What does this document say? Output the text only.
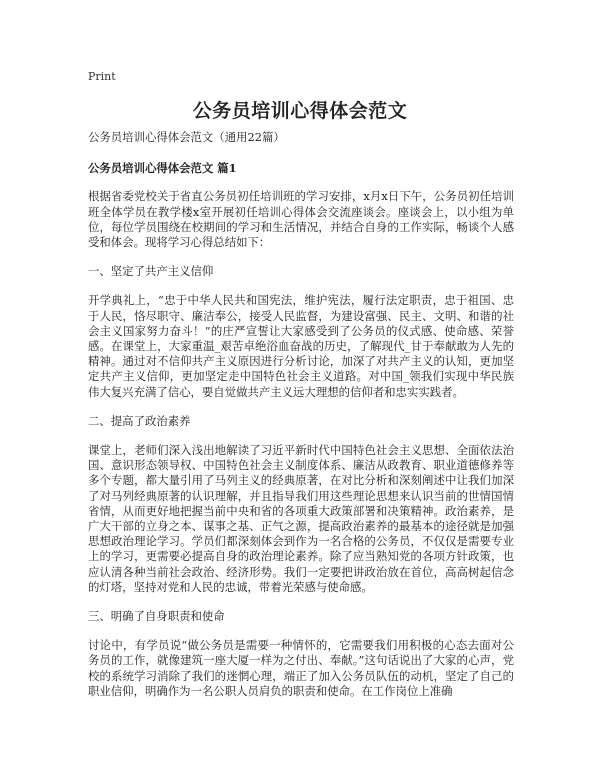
Print
公务员培训心得体会范文
公务员培训心得体会范文（通用22篇）
公务员培训心得体会范文 篇1

根据省委党校关于省直公务员初任培训班的学习安排，x月x日下午，公务员初任培训班全体学员在教学楼x室开展初任培训心得体会交流座谈会。座谈会上，以小组为单位，每位学员围绕在校期间的学习和生活情况，并结合自身的工作实际，畅谈个人感受和体会。现将学习心得总结如下：

一、坚定了共产主义信仰

开学典礼上，“忠于中华人民共和国宪法，维护宪法，履行法定职责，忠于祖国、忠于人民，恪尽职守、廉洁奉公，接受人民监督，为建设富强、民主、文明、和谐的社会主义国家努力奋斗！”的庄严宣誓让大家感受到了公务员的仪式感、使命感、荣誉感。在课堂上，大家重温_艰苦卓绝浴血奋战的历史，了解现代_甘于奉献敢为人先的精神。通过对不信仰共产主义原因进行分析讨论，加深了对共产主义的认知，更加坚定共产主义信仰，更加坚定走中国特色社会主义道路。对中国_领我们实现中华民族伟大复兴充满了信心，要自觉做共产主义远大理想的信仰者和忠实实践者。

二、提高了政治素养

课堂上，老师们深入浅出地解读了习近平新时代中国特色社会主义思想、全面依法治国、意识形态领导权、中国特色社会主义制度体系、廉洁从政教育、职业道德修养等多个专题，都大量引用了马列主义的经典原著，在对比分析和深刻阐述中让我们加深了对马列经典原著的认识理解，并且指导我们用这些理论思想来认识当前的世情国情省情，从而更好地把握当前中央和省的各项重大政策部署和决策精神。政治素养，是广大干部的立身之本、谋事之基、正气之源，提高政治素养的最基本的途径就是加强思想政治理论学习。学员们都深刻体会到作为一名合格的公务员，不仅仅是需要专业上的学习，更需要必提高自身的政治理论素养。除了应当熟知党的各项方针政策，也应认清各种当前社会政治、经济形势。我们一定要把讲政治放在首位，高高树起信念的灯塔，坚持对党和人民的忠诚，带着光荣感与使命感。

三、明确了自身职责和使命

讨论中，有学员说“做公务员是需要一种情怀的，它需要我们用积极的心态去面对公务员的工作，就像建筑一座大厦一样为之付出、奉献。”这句话说出了大家的心声，党校的系统学习消除了我们的迷惘心理，端正了加入公务员队伍的动机，坚定了自己的职业信仰，明确作为一名公职人员肩负的职责和使命。在工作岗位上准确
